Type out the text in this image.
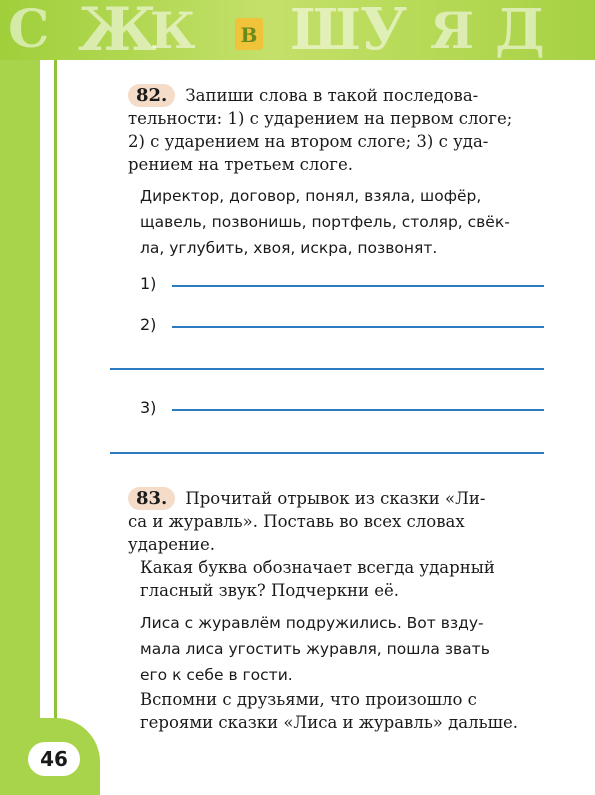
С Ж
К Ш
У Я Д
В
46

82. Запиши слова в такой последова-
тельности: 1) с ударением на первом слоге;
2) с ударением на втором слоге; 3) с уда-
рением на третьем слоге.

Директор, договор, понял, взяла, шофёр,
щавель, позвонишь, портфель, столяр, свёк-
ла, углубить, хвоя, искра, позвонят.

1)
2)
3)

83. Прочитай отрывок из сказки «Ли-
са и журавль». Поставь во всех словах
ударение.

Какая буква обозначает всегда ударный
гласный звук? Подчеркни её.

Лиса с журавлём подружились. Вот взду-
мала лиса угостить журавля, пошла звать
его к себе в гости.

Вспомни с друзьями, что произошло с
героями сказки «Лиса и журавль» дальше.
